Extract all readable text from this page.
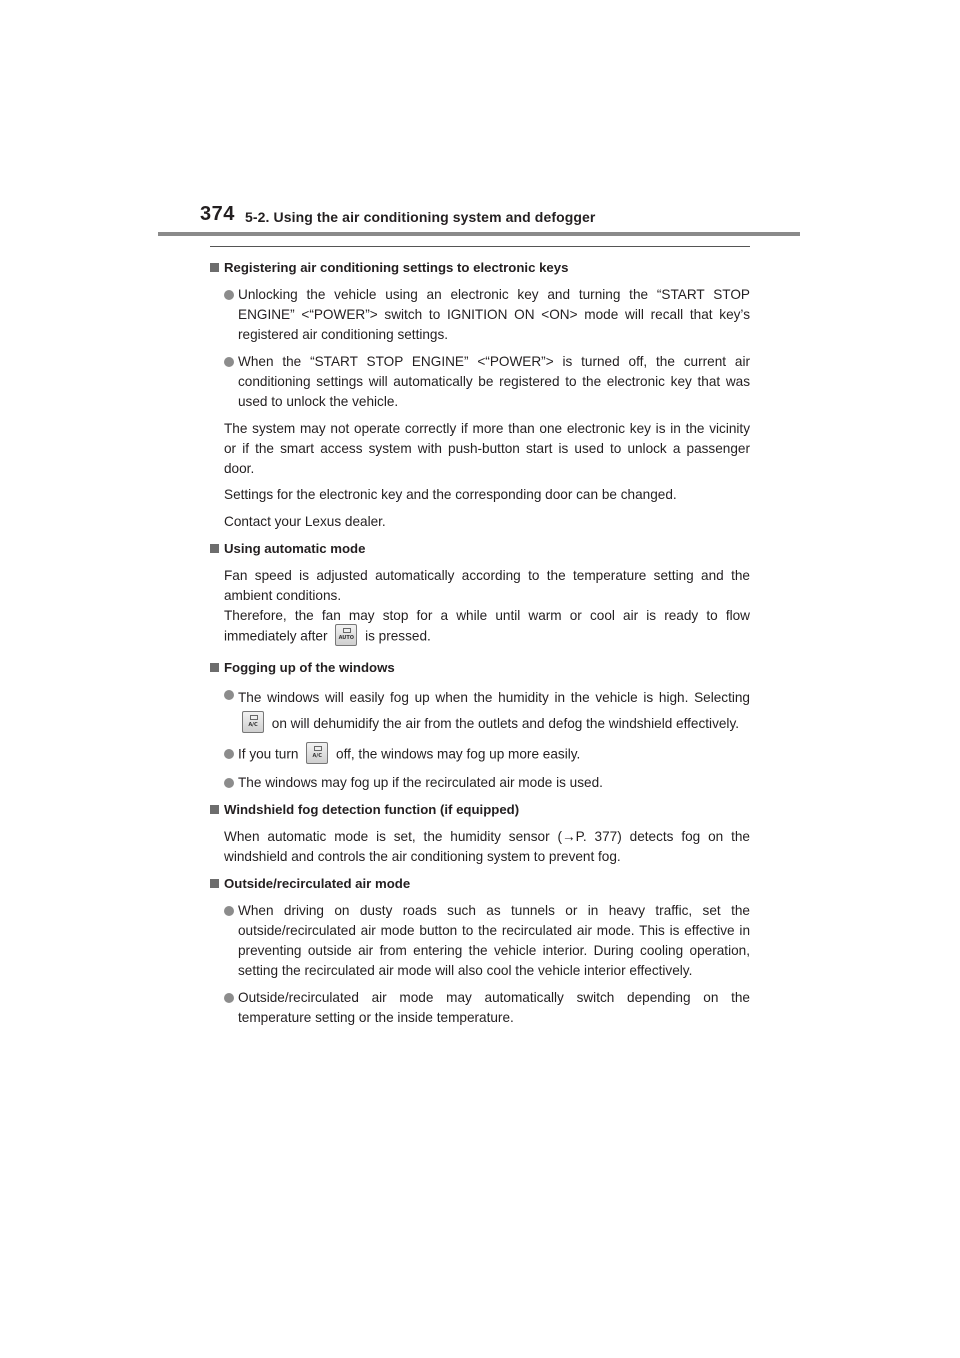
374 5-2. Using the air conditioning system and defogger
Registering air conditioning settings to electronic keys
Unlocking the vehicle using an electronic key and turning the “START STOP ENGINE” <“POWER”> switch to IGNITION ON <ON> mode will recall that key’s registered air conditioning settings.
When the “START STOP ENGINE” <“POWER”> is turned off, the current air conditioning settings will automatically be registered to the electronic key that was used to unlock the vehicle.
The system may not operate correctly if more than one electronic key is in the vicinity or if the smart access system with push-button start is used to unlock a passenger door.
Settings for the electronic key and the corresponding door can be changed.
Contact your Lexus dealer.
Using automatic mode
Fan speed is adjusted automatically according to the temperature setting and the ambient conditions.
Therefore, the fan may stop for a while until warm or cool air is ready to flow immediately after	AUTO is pressed.
Fogging up of the windows
The windows will easily fog up when the humidity in the vehicle is high. Selecting
A/C	on will dehumidify the air from the outlets and defog the windshield effectively.
If you turn	A/C	off, the windows may fog up more easily.
The windows may fog up if the recirculated air mode is used.
Windshield fog detection function (if equipped)
When automatic mode is set, the humidity sensor (→P. 377) detects fog on the windshield and controls the air conditioning system to prevent fog.
Outside/recirculated air mode
When driving on dusty roads such as tunnels or in heavy traffic, set the outside/recirculated air mode button to the recirculated air mode. This is effective in preventing outside air from entering the vehicle interior. During cooling operation, setting the recirculated air mode will also cool the vehicle interior effectively.
Outside/recirculated air mode may automatically switch depending on the temperature setting or the inside temperature.
